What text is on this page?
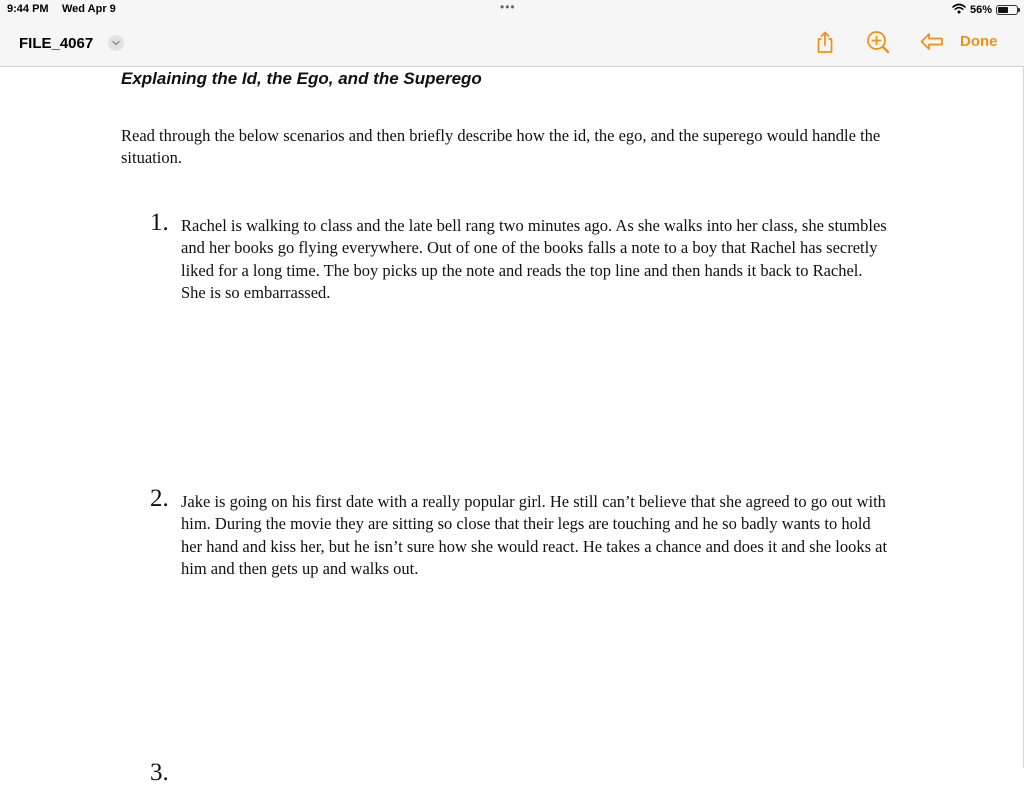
9:44 PM Wed Apr 9	•••	56%
FILE_4067	Done
Explaining the Id, the Ego, and the Superego

Read through the below scenarios and then briefly describe how the id, the ego, and the superego would handle the situation.

1. Rachel is walking to class and the late bell rang two minutes ago. As she walks into her class, she stumbles and her books go flying everywhere. Out of one of the books falls a note to a boy that Rachel has secretly liked for a long time. The boy picks up the note and reads the top line and then hands it back to Rachel. She is so embarrassed.

2. Jake is going on his first date with a really popular girl. He still can’t believe that she agreed to go out with him. During the movie they are sitting so close that their legs are touching and he so badly wants to hold her hand and kiss her, but he isn’t sure how she would react. He takes a chance and does it and she looks at him and then gets up and walks out.

3.
